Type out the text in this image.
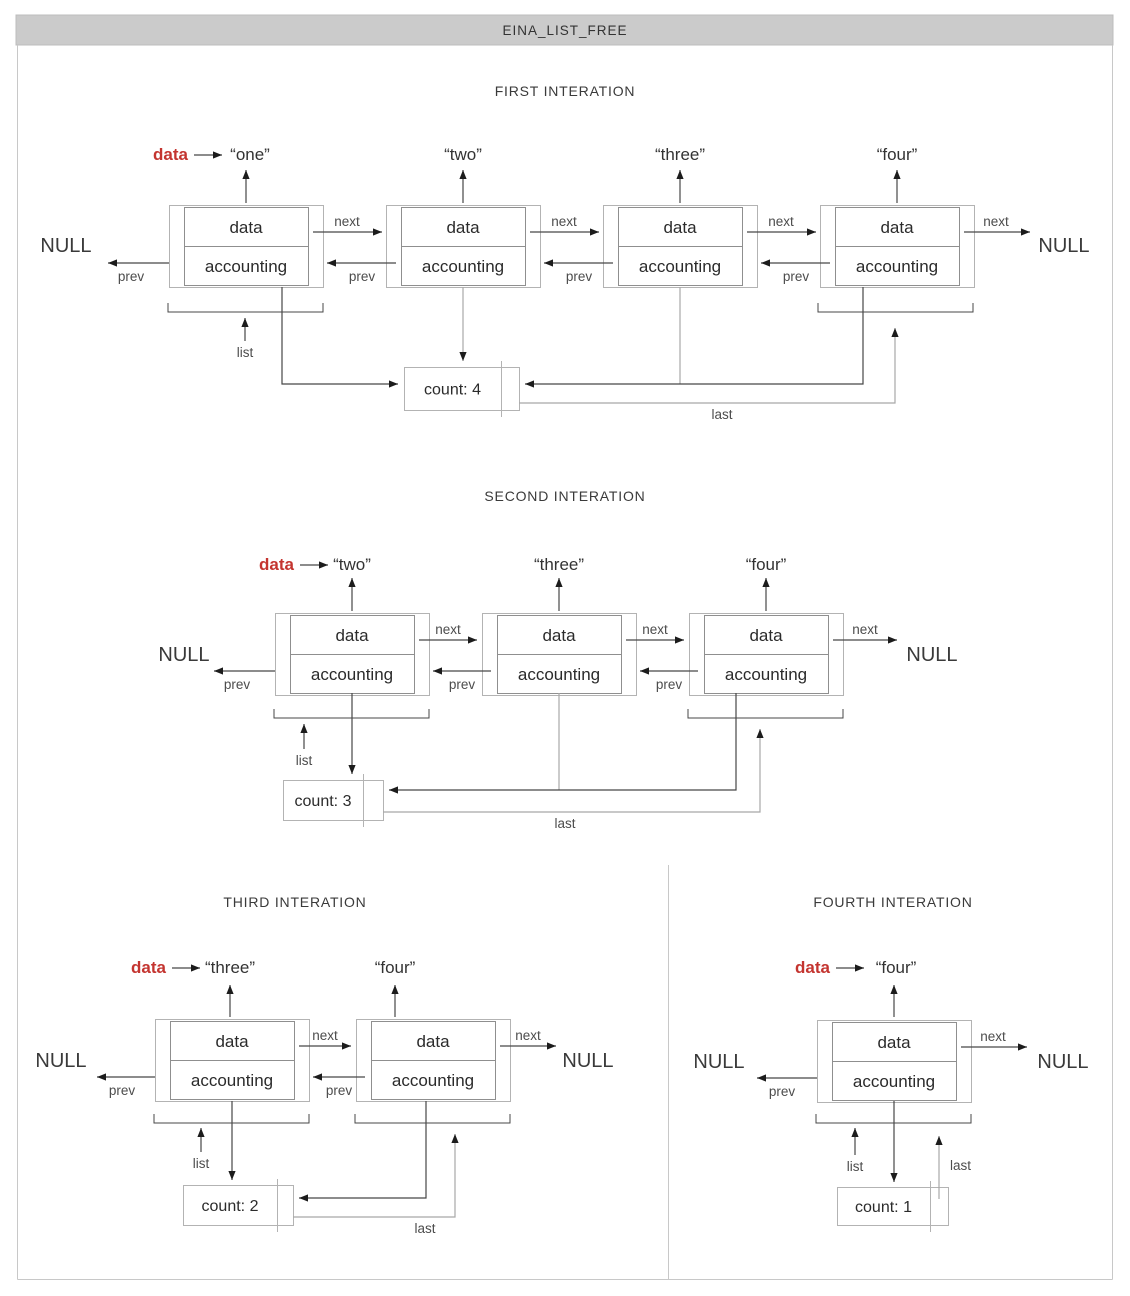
EINA_LIST_FREE
FIRST INTERATION
data “one”	“two”	“three”	“four”
data
accounting
data
accounting
data
accounting
data
accounting
NULL
prev
next
prev
next
prev
next
prev
next
NULL
list
count: 4
last
SECOND INTERATION
data “two”	“three”	“four”
data
accounting
data
accounting
data
accounting
NULL
prev
next
prev
next
prev
next
NULL
list
count: 3
last
THIRD INTERATION
data “three”	“four”
data
accounting
data
accounting
NULL
prev
next
prev
next
NULL
list
count: 2
last
FOURTH INTERATION
data	“four”
data
accounting
NULL
prev
next
NULL
list
count: 1
last
